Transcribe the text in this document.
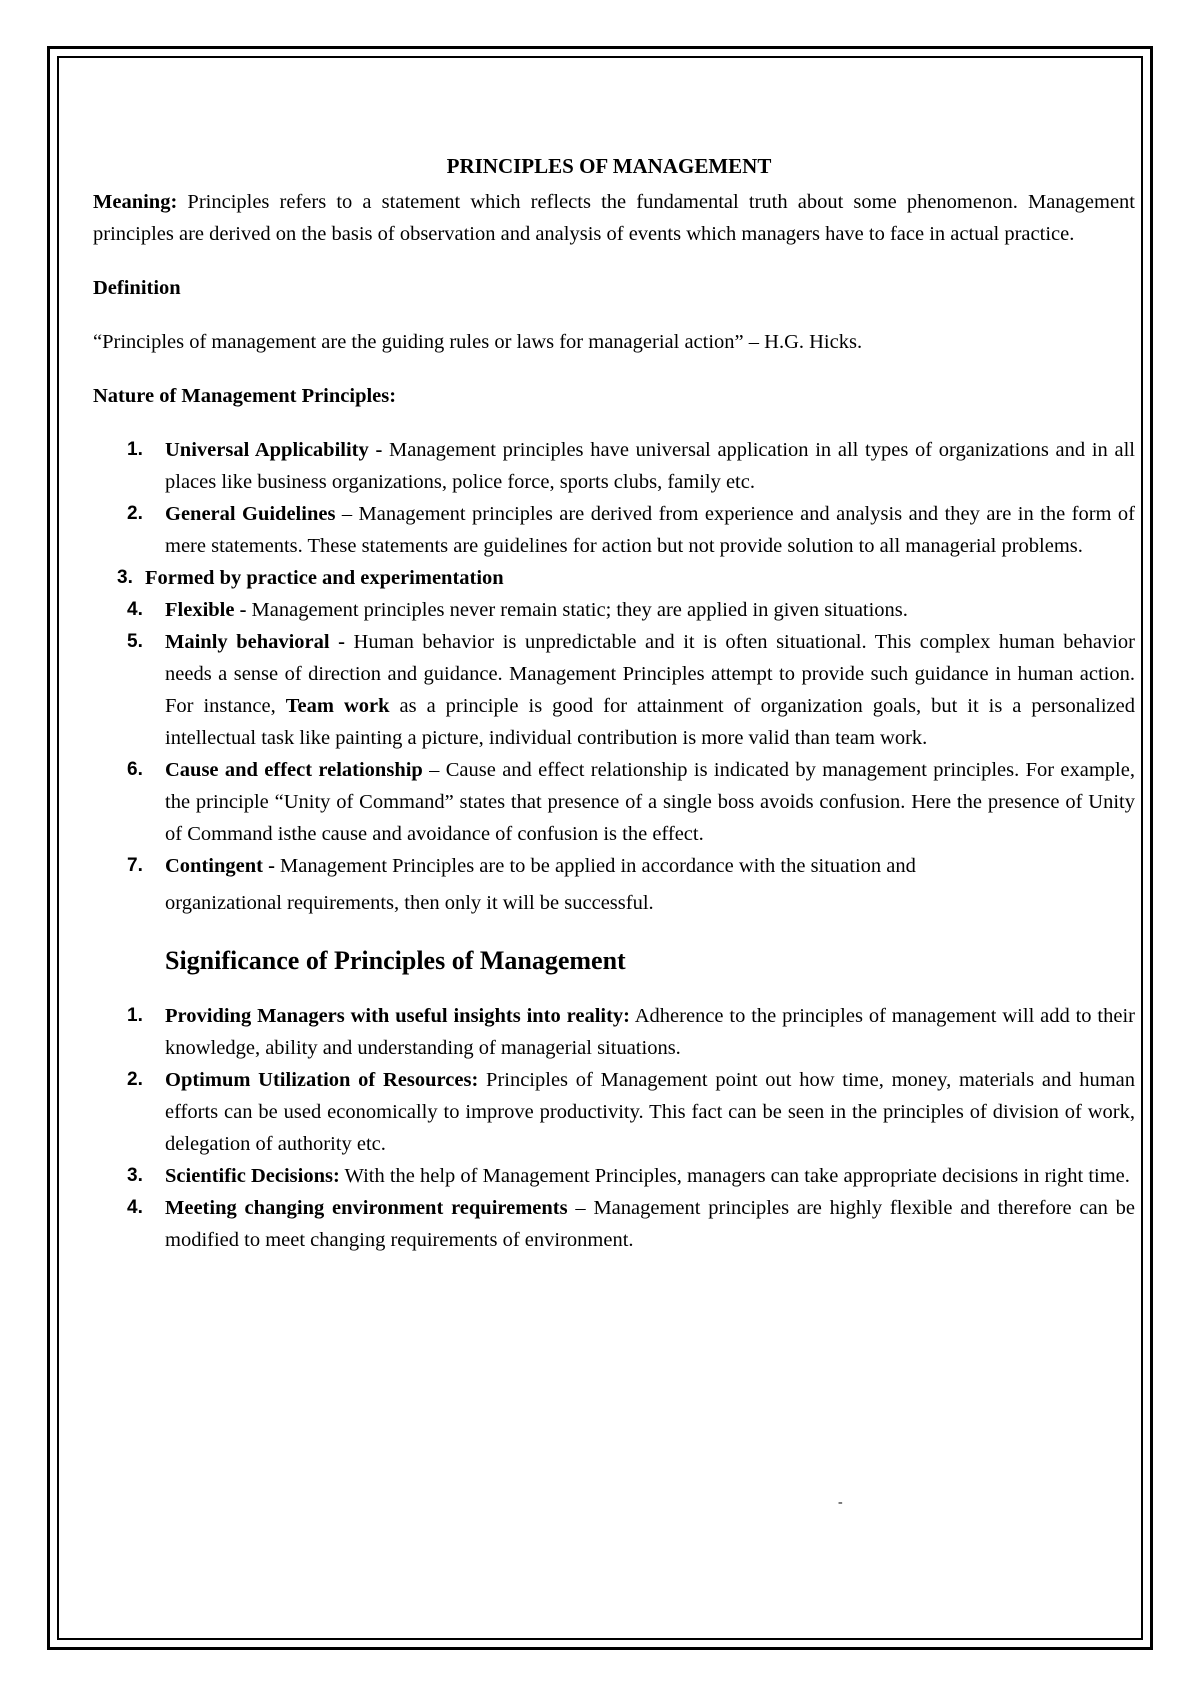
PRINCIPLES OF MANAGEMENT

Meaning: Principles refers to a statement which reflects the fundamental truth about some phenomenon. Management principles are derived on the basis of observation and analysis of events which managers have to face in actual practice.

Definition

“Principles of management are the guiding rules or laws for managerial action” – H.G. Hicks.

Nature of Management Principles:

1. Universal Applicability - Management principles have universal application in all types of organizations and in all places like business organizations, police force, sports clubs, family etc.
2. General Guidelines – Management principles are derived from experience and analysis and they are in the form of mere statements. These statements are guidelines for action but not provide solution to all managerial problems.
3. Formed by practice and experimentation
4. Flexible - Management principles never remain static; they are applied in given situations.
5. Mainly behavioral - Human behavior is unpredictable and it is often situational. This complex human behavior needs a sense of direction and guidance. Management Principles attempt to provide such guidance in human action. For instance, Team work as a principle is good for attainment of organization goals, but it is a personalized intellectual task like painting a picture, individual contribution is more valid than team work.
6. Cause and effect relationship – Cause and effect relationship is indicated by management principles. For example, the principle “Unity of Command” states that presence of a single boss avoids confusion. Here the presence of Unity of Command isthe cause and avoidance of confusion is the effect.
7. Contingent - Management Principles are to be applied in accordance with the situation and
organizational requirements, then only it will be successful.
Significance of Principles of Management
1. Providing Managers with useful insights into reality: Adherence to the principles of management will add to their knowledge, ability and understanding of managerial situations.
2. Optimum Utilization of Resources: Principles of Management point out how time, money, materials and human efforts can be used economically to improve productivity. This fact can be seen in the principles of division of work, delegation of authority etc.
3. Scientific Decisions: With the help of Management Principles, managers can take appropriate decisions in right time.
4. Meeting changing environment requirements – Management principles are highly flexible and therefore can be modified to meet changing requirements of environment.
-
